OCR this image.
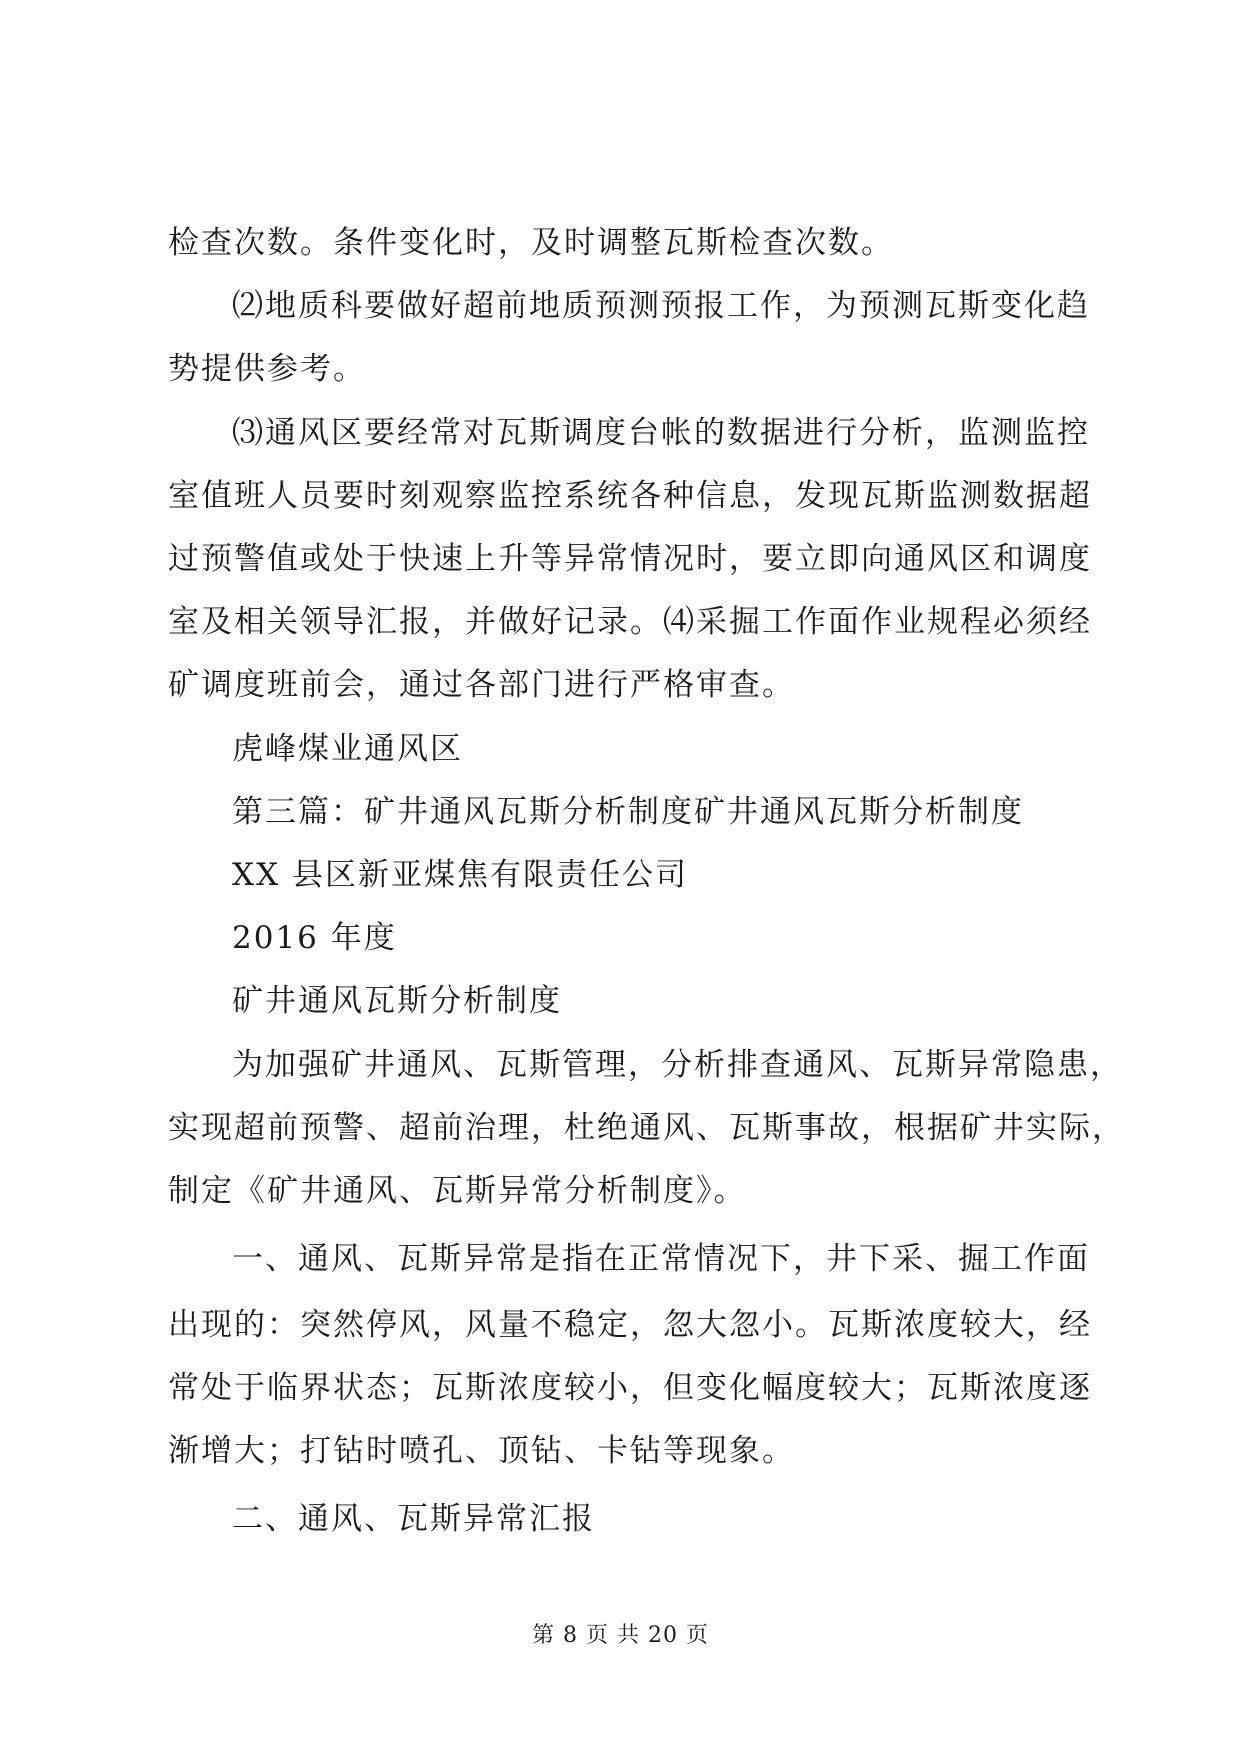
检查次数。条件变化时，及时调整瓦斯检查次数。
⑵地质科要做好超前地质预测预报工作，为预测瓦斯变化趋
势提供参考。
⑶通风区要经常对瓦斯调度台帐的数据进行分析，监测监控
室值班人员要时刻观察监控系统各种信息，发现瓦斯监测数据超
过预警值或处于快速上升等异常情况时，要立即向通风区和调度
室及相关领导汇报，并做好记录。⑷采掘工作面作业规程必须经
矿调度班前会，通过各部门进行严格审查。
虎峰煤业通风区
第三篇：矿井通风瓦斯分析制度矿井通风瓦斯分析制度
XX 县区新亚煤焦有限责任公司
2016 年度
矿井通风瓦斯分析制度
为加强矿井通风、瓦斯管理，分析排查通风、瓦斯异常隐患，
实现超前预警、超前治理，杜绝通风、瓦斯事故，根据矿井实际，
制定《矿井通风、瓦斯异常分析制度》。
一、通风、瓦斯异常是指在正常情况下，井下采、掘工作面
出现的：突然停风，风量不稳定，忽大忽小。瓦斯浓度较大，经
常处于临界状态；瓦斯浓度较小，但变化幅度较大；瓦斯浓度逐
渐增大；打钻时喷孔、顶钻、卡钻等现象。
二、通风、瓦斯异常汇报
第 8 页 共 20 页
